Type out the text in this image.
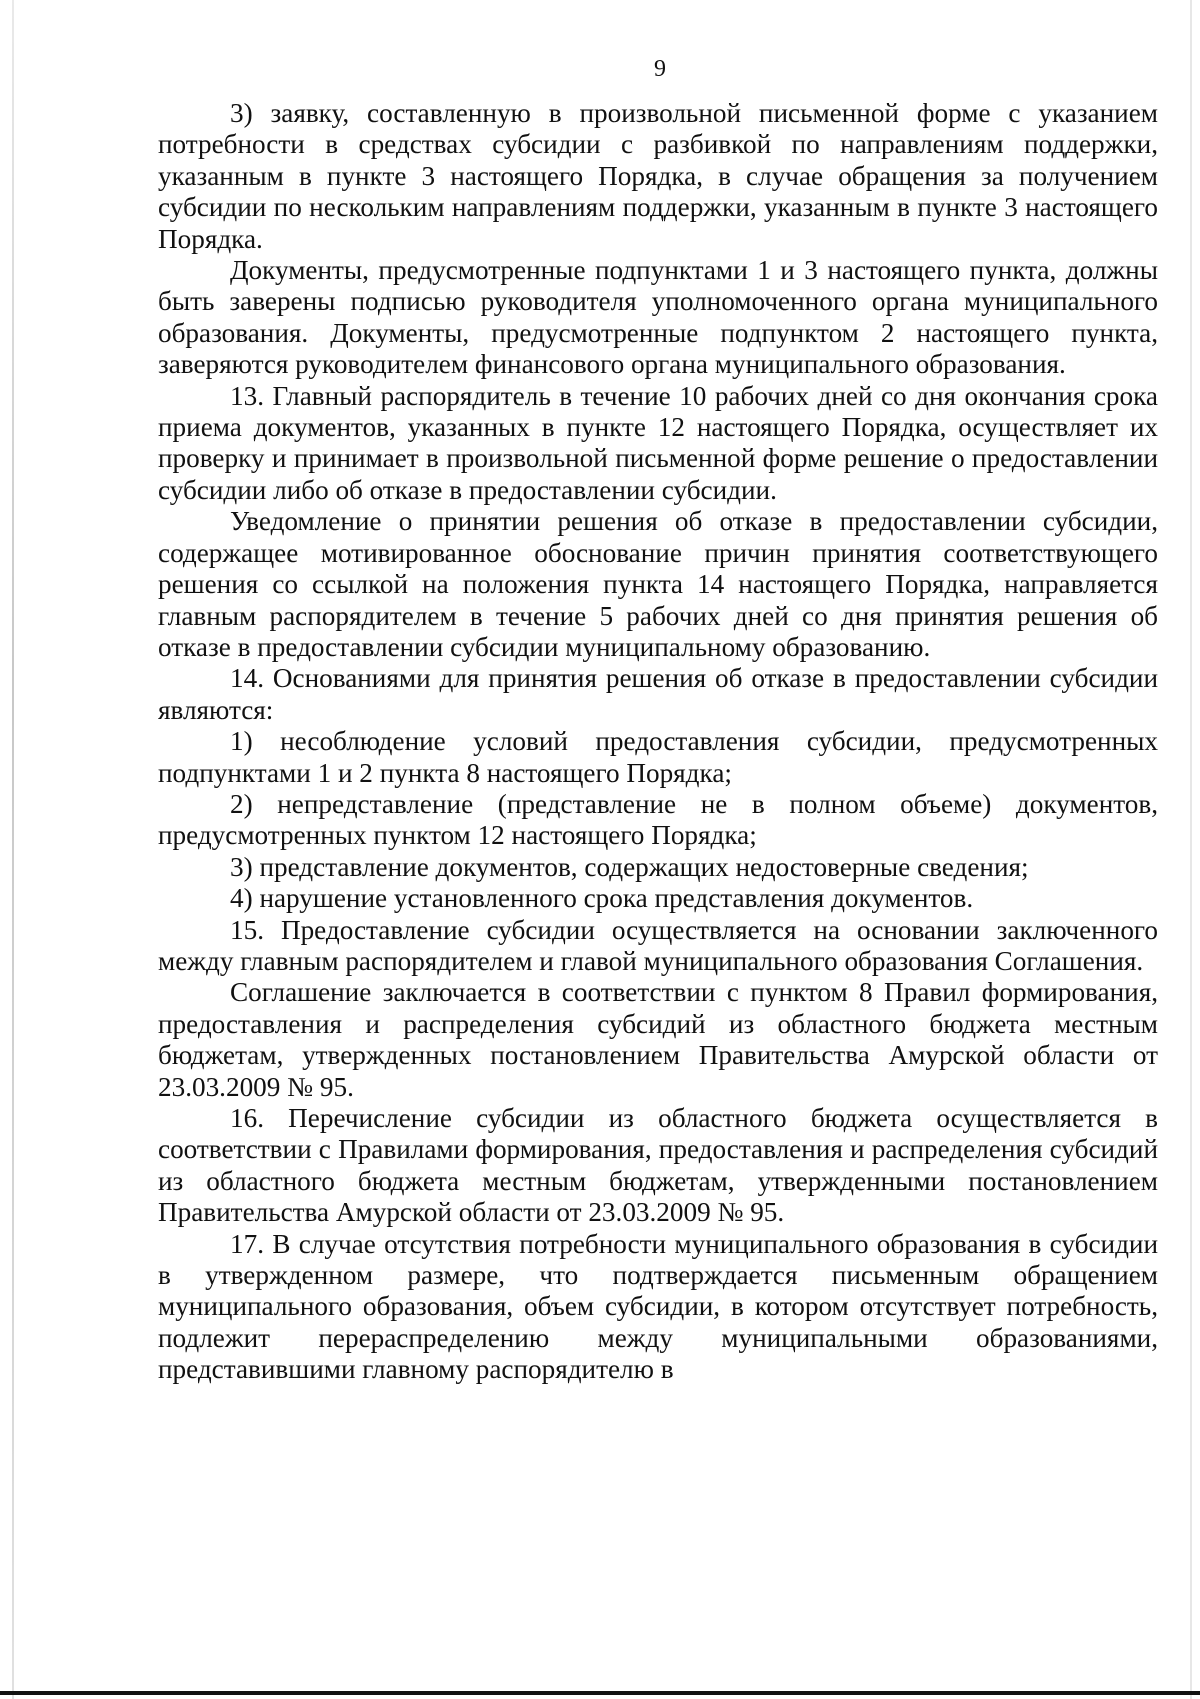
9

3) заявку, составленную в произвольной письменной форме с указанием потребности в средствах субсидии с разбивкой по направлениям поддержки, указанным в пункте 3 настоящего Порядка, в случае обращения за получением субсидии по нескольким направлениям поддержки, указанным в пункте 3 настоящего Порядка.

Документы, предусмотренные подпунктами 1 и 3 настоящего пункта, должны быть заверены подписью руководителя уполномоченного органа муниципального образования. Документы, предусмотренные подпунктом 2 настоящего пункта, заверяются руководителем финансового органа муниципального образования.

13. Главный распорядитель в течение 10 рабочих дней со дня окончания срока приема документов, указанных в пункте 12 настоящего Порядка, осуществляет их проверку и принимает в произвольной письменной форме решение о предоставлении субсидии либо об отказе в предоставлении субсидии.

Уведомление о принятии решения об отказе в предоставлении субсидии, содержащее мотивированное обоснование причин принятия соответствующего решения со ссылкой на положения пункта 14 настоящего Порядка, направляется главным распорядителем в течение 5 рабочих дней со дня принятия решения об отказе в предоставлении субсидии муниципальному образованию.

14. Основаниями для принятия решения об отказе в предоставлении субсидии являются:

1) несоблюдение условий предоставления субсидии, предусмотренных подпунктами 1 и 2 пункта 8 настоящего Порядка;

2) непредставление (представление не в полном объеме) документов, предусмотренных пунктом 12 настоящего Порядка;

3) представление документов, содержащих недостоверные сведения;

4) нарушение установленного срока представления документов.

15. Предоставление субсидии осуществляется на основании заключенного между главным распорядителем и главой муниципального образования Соглашения.

Соглашение заключается в соответствии с пунктом 8 Правил формирования, предоставления и распределения субсидий из областного бюджета местным бюджетам, утвержденных постановлением Правительства Амурской области от 23.03.2009 № 95.

16. Перечисление субсидии из областного бюджета осуществляется в соответствии с Правилами формирования, предоставления и распределения субсидий из областного бюджета местным бюджетам, утвержденными постановлением Правительства Амурской области от 23.03.2009 № 95.

17. В случае отсутствия потребности муниципального образования в субсидии в утвержденном размере, что подтверждается письменным обращением муниципального образования, объем субсидии, в котором отсутствует потребность, подлежит перераспределению между муниципальными образованиями, представившими главному распорядителю в
